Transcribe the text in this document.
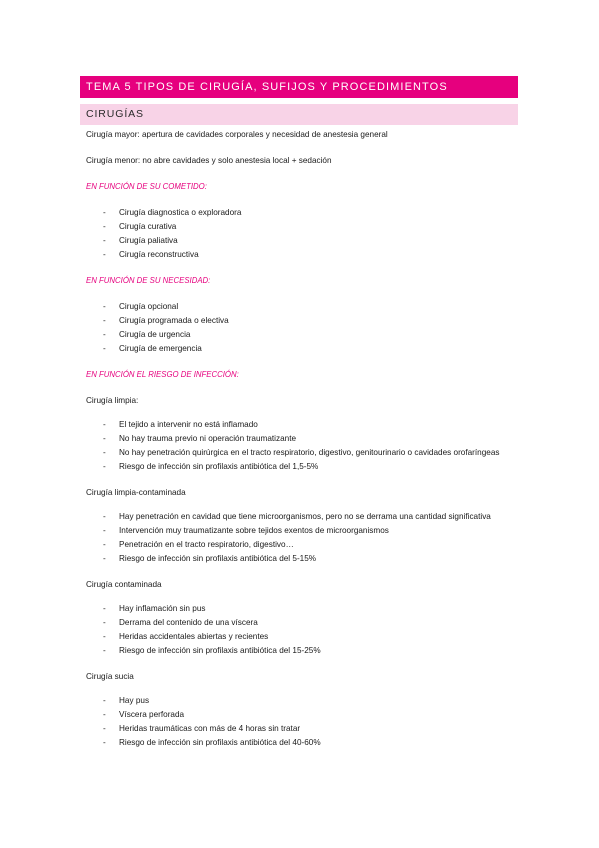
TEMA 5 TIPOS DE CIRUGÍA, SUFIJOS Y PROCEDIMIENTOS
CIRUGÍAS

Cirugía mayor: apertura de cavidades corporales y necesidad de anestesia general

Cirugía menor: no abre cavidades y solo anestesia local + sedación

EN FUNCIÓN DE SU COMETIDO:

- Cirugía diagnostica o exploradora
- Cirugía curativa
- Cirugía paliativa
- Cirugía reconstructiva

EN FUNCIÓN DE SU NECESIDAD:

- Cirugía opcional
- Cirugía programada o electiva
- Cirugía de urgencia
- Cirugía de emergencia

EN FUNCIÓN EL RIESGO DE INFECCIÓN:

Cirugía limpia:

- El tejido a intervenir no está inflamado
- No hay trauma previo ni operación traumatizante
- No hay penetración quirúrgica en el tracto respiratorio, digestivo, genitourinario o cavidades orofaríngeas
- Riesgo de infección sin profilaxis antibiótica del 1,5-5%

Cirugía limpia-contaminada

- Hay penetración en cavidad que tiene microorganismos, pero no se derrama una cantidad significativa
- Intervención muy traumatizante sobre tejidos exentos de microorganismos
- Penetración en el tracto respiratorio, digestivo…
- Riesgo de infección sin profilaxis antibiótica del 5-15%

Cirugía contaminada

- Hay inflamación sin pus
- Derrama del contenido de una víscera
- Heridas accidentales abiertas y recientes
- Riesgo de infección sin profilaxis antibiótica del 15-25%

Cirugía sucia

- Hay pus
- Víscera perforada
- Heridas traumáticas con más de 4 horas sin tratar
- Riesgo de infección sin profilaxis antibiótica del 40-60%
